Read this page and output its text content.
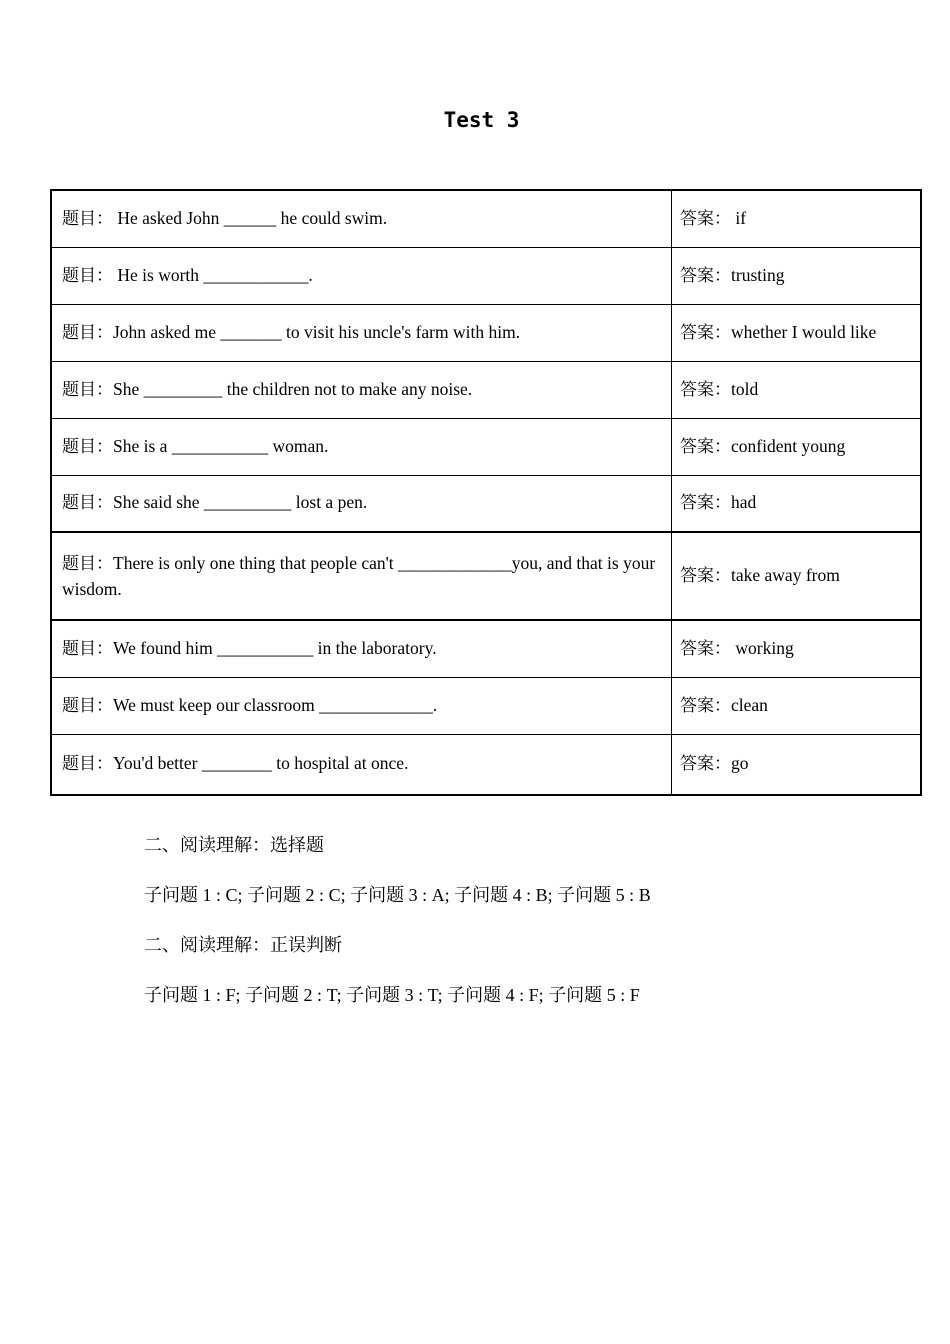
Test 3
题目： He asked John ______ he could swim.	答案： if
题目： He is worth ____________.	答案：trusting
题目：John asked me _______ to visit his uncle's farm with him.	答案：whether I would like
题目：She _________ the children not to make any noise.	答案：told
题目：She is a ___________ woman.	答案：confident young
题目：She said she __________ lost a pen.	答案：had
题目：There is only one thing that people can't _____________you, and that is your wisdom.	答案：take away from
题目：We found him ___________ in the laboratory.	答案： working
题目：We must keep our classroom _____________.	答案：clean
题目：You'd better ________ to hospital at once.	答案：go
二、阅读理解：选择题
子问题 1 : C; 子问题 2 : C; 子问题 3 : A; 子问题 4 : B; 子问题 5 : B
二、阅读理解：正误判断
子问题 1 : F; 子问题 2 : T; 子问题 3 : T; 子问题 4 : F; 子问题 5 : F
